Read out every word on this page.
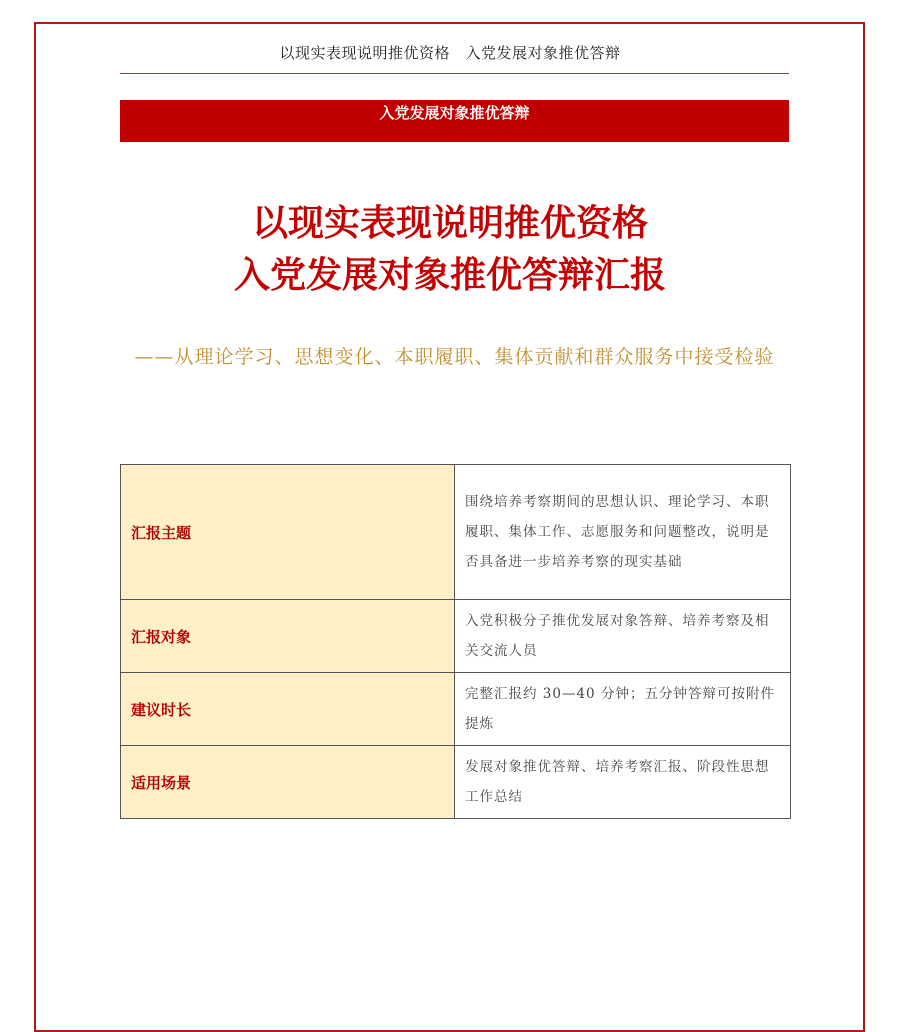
以现实表现说明推优资格　入党发展对象推优答辩
入党发展对象推优答辩
以现实表现说明推优资格
入党发展对象推优答辩汇报
——从理论学习、思想变化、本职履职、集体贡献和群众服务中接受检验
汇报主题	围绕培养考察期间的思想认识、理论学习、本职履职、集体工作、志愿服务和问题整改，说明是否具备进一步培养考察的现实基础
汇报对象	入党积极分子推优发展对象答辩、培养考察及相关交流人员
建议时长	完整汇报约 30—40 分钟；五分钟答辩可按附件提炼
适用场景	发展对象推优答辩、培养考察汇报、阶段性思想工作总结
